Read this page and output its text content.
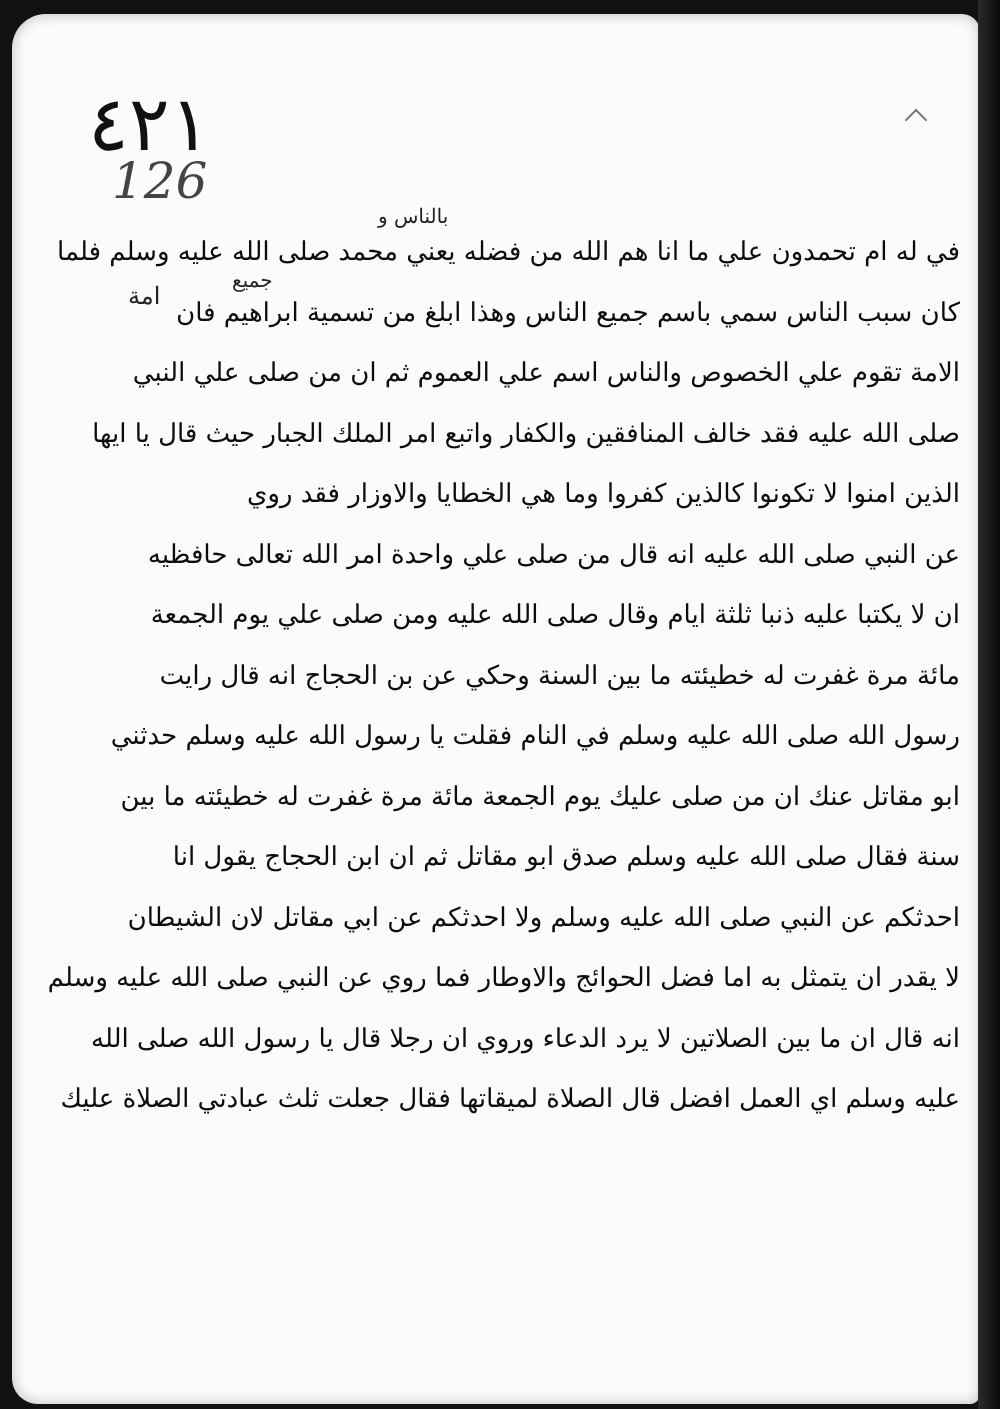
١٢٤
126
امة
بالناس و
جميع
في له ام تحمدون علي ما انا هم الله من فضله يعني محمد صلى الله عليه وسلم فلما
كان سبب الناس سمي باسم جميع الناس وهذا ابلغ من تسمية ابراهيم فان
الامة تقوم علي الخصوص والناس اسم علي العموم ثم ان من صلى علي النبي
صلى الله عليه فقد خالف المنافقين والكفار واتبع امر الملك الجبار حيث قال يا ايها
الذين امنوا لا تكونوا كالذين كفروا وما هي الخطايا والاوزار فقد روي
عن النبي صلى الله عليه انه قال من صلى علي واحدة امر الله تعالى حافظيه
ان لا يكتبا عليه ذنبا ثلثة ايام وقال صلى الله عليه ومن صلى علي يوم الجمعة
مائة مرة غفرت له خطيئته ما بين السنة وحكي عن بن الحجاج انه قال رايت
رسول الله صلى الله عليه وسلم في النام فقلت يا رسول الله عليه وسلم حدثني
ابو مقاتل عنك ان من صلى عليك يوم الجمعة مائة مرة غفرت له خطيئته ما بين
سنة فقال صلى الله عليه وسلم صدق ابو مقاتل ثم ان ابن الحجاج يقول انا
احدثكم عن النبي صلى الله عليه وسلم ولا احدثكم عن ابي مقاتل لان الشيطان
لا يقدر ان يتمثل به اما فضل الحوائج والاوطار فما روي عن النبي صلى الله عليه وسلم
انه قال ان ما بين الصلاتين لا يرد الدعاء وروي ان رجلا قال يا رسول الله صلى الله
عليه وسلم اي العمل افضل قال الصلاة لميقاتها فقال جعلت ثلث عبادتي الصلاة عليك
